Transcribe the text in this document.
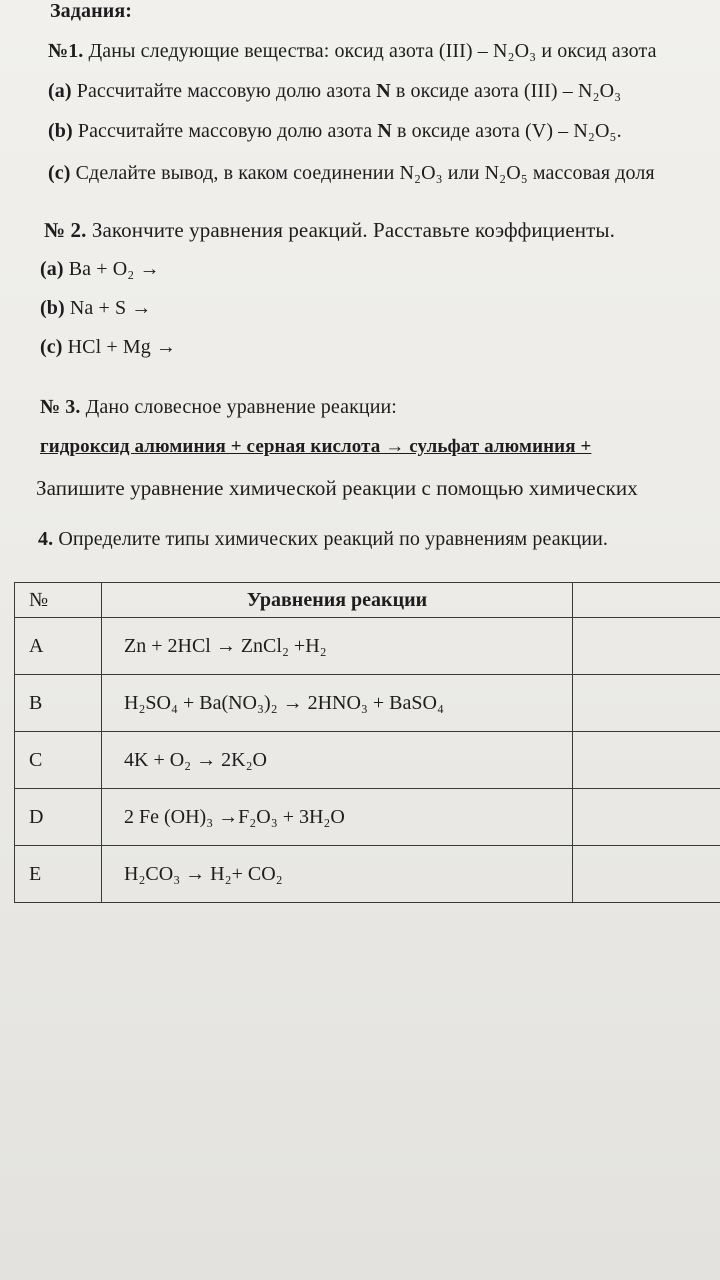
Задания:
№1. Даны следующие вещества: оксид азота (III) – N₂O₃ и оксид азота
(a) Рассчитайте массовую долю азота N в оксиде азота (III) – N₂O₃
(b) Рассчитайте массовую долю азота N в оксиде азота (V) – N₂O₅.
(c) Сделайте вывод, в каком соединении N₂O₃ или N₂O₅ массовая доля
№ 2. Закончите уравнения реакций. Расставьте коэффициенты.
(a) Ba + O₂ →
(b) Na + S →
(c) HCl + Mg →
№ 3. Дано словесное уравнение реакции:
гидроксид алюминия + серная кислота → сульфат алюминия +
Запишите уравнение химической реакции с помощью химических
4. Определите типы химических реакций по уравнениям реакции.
№	Уравнения реакции	
A	Zn + 2HCl → ZnCl₂ +H₂	
B	H₂SO₄ + Ba(NO₃)₂ → 2HNO₃ + BaSO₄	
C	4K + O₂ → 2K₂O	
D	2 Fe (OH)₃ →F₂O₃ + 3H₂O	
E	H₂CO₃ → H₂+ CO₂	
